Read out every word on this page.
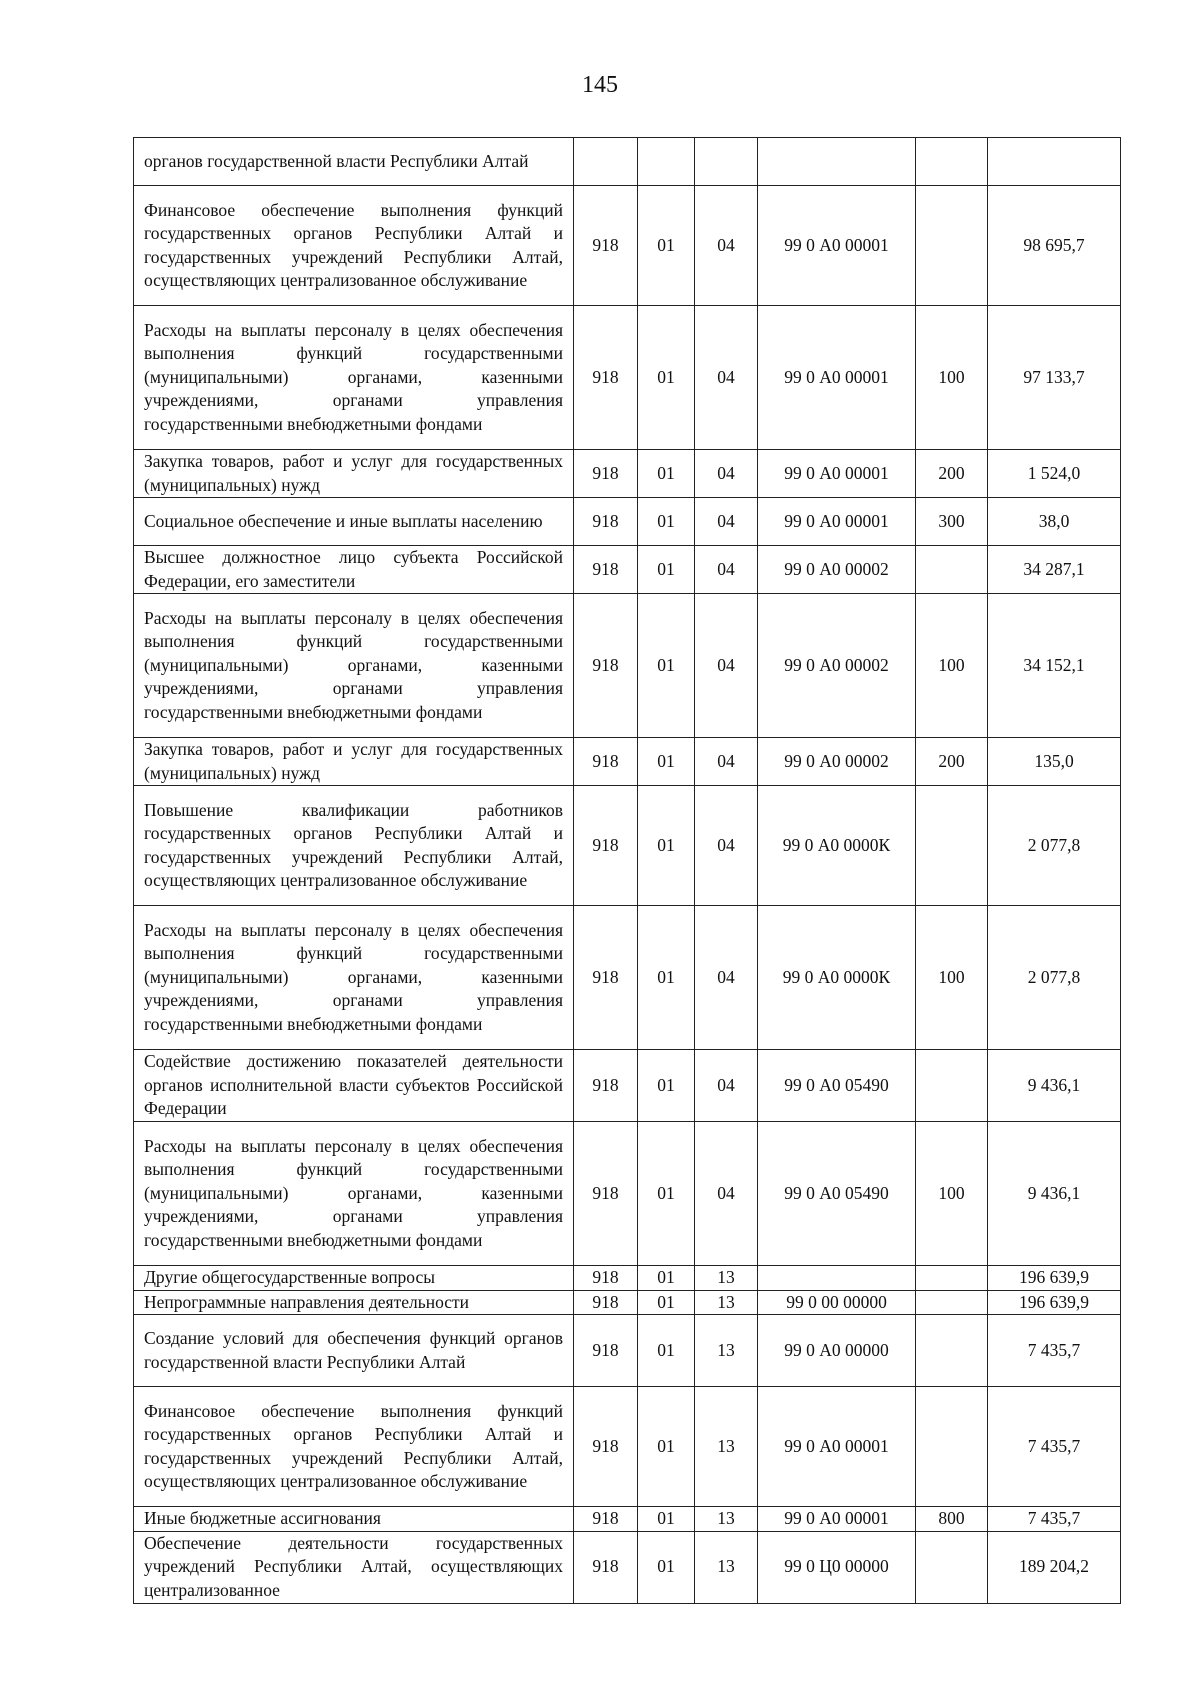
145
органов государственной власти Республики Алтай						
Финансовое обеспечение выполнения функций государственных органов Республики Алтай и государственных учреждений Республики Алтай, осуществляющих централизованное обслуживание	918	01	04	99 0 А0 00001		98 695,7
Расходы на выплаты персоналу в целях обеспечения выполнения функций государственными (муниципальными) органами, казенными учреждениями, органами управления государственными внебюджетными фондами	918	01	04	99 0 А0 00001	100	97 133,7
Закупка товаров, работ и услуг для государственных (муниципальных) нужд	918	01	04	99 0 А0 00001	200	1 524,0
Социальное обеспечение и иные выплаты населению	918	01	04	99 0 А0 00001	300	38,0
Высшее должностное лицо субъекта Российской Федерации, его заместители	918	01	04	99 0 А0 00002		34 287,1
Расходы на выплаты персоналу в целях обеспечения выполнения функций государственными (муниципальными) органами, казенными учреждениями, органами управления государственными внебюджетными фондами	918	01	04	99 0 А0 00002	100	34 152,1
Закупка товаров, работ и услуг для государственных (муниципальных) нужд	918	01	04	99 0 А0 00002	200	135,0
Повышение квалификации работников государственных органов Республики Алтай и государственных учреждений Республики Алтай, осуществляющих централизованное обслуживание	918	01	04	99 0 А0 0000К		2 077,8
Расходы на выплаты персоналу в целях обеспечения выполнения функций государственными (муниципальными) органами, казенными учреждениями, органами управления государственными внебюджетными фондами	918	01	04	99 0 А0 0000К	100	2 077,8
Содействие достижению показателей деятельности органов исполнительной власти субъектов Российской Федерации	918	01	04	99 0 А0 05490		9 436,1
Расходы на выплаты персоналу в целях обеспечения выполнения функций государственными (муниципальными) органами, казенными учреждениями, органами управления государственными внебюджетными фондами	918	01	04	99 0 А0 05490	100	9 436,1
Другие общегосударственные вопросы	918	01	13			196 639,9
Непрограммные направления деятельности	918	01	13	99 0 00 00000		196 639,9
Создание условий для обеспечения функций органов государственной власти Республики Алтай	918	01	13	99 0 А0 00000		7 435,7
Финансовое обеспечение выполнения функций государственных органов Республики Алтай и государственных учреждений Республики Алтай, осуществляющих централизованное обслуживание	918	01	13	99 0 А0 00001		7 435,7
Иные бюджетные ассигнования	918	01	13	99 0 А0 00001	800	7 435,7
Обеспечение деятельности государственных учреждений Республики Алтай, осуществляющих централизованное	918	01	13	99 0 Ц0 00000		189 204,2
